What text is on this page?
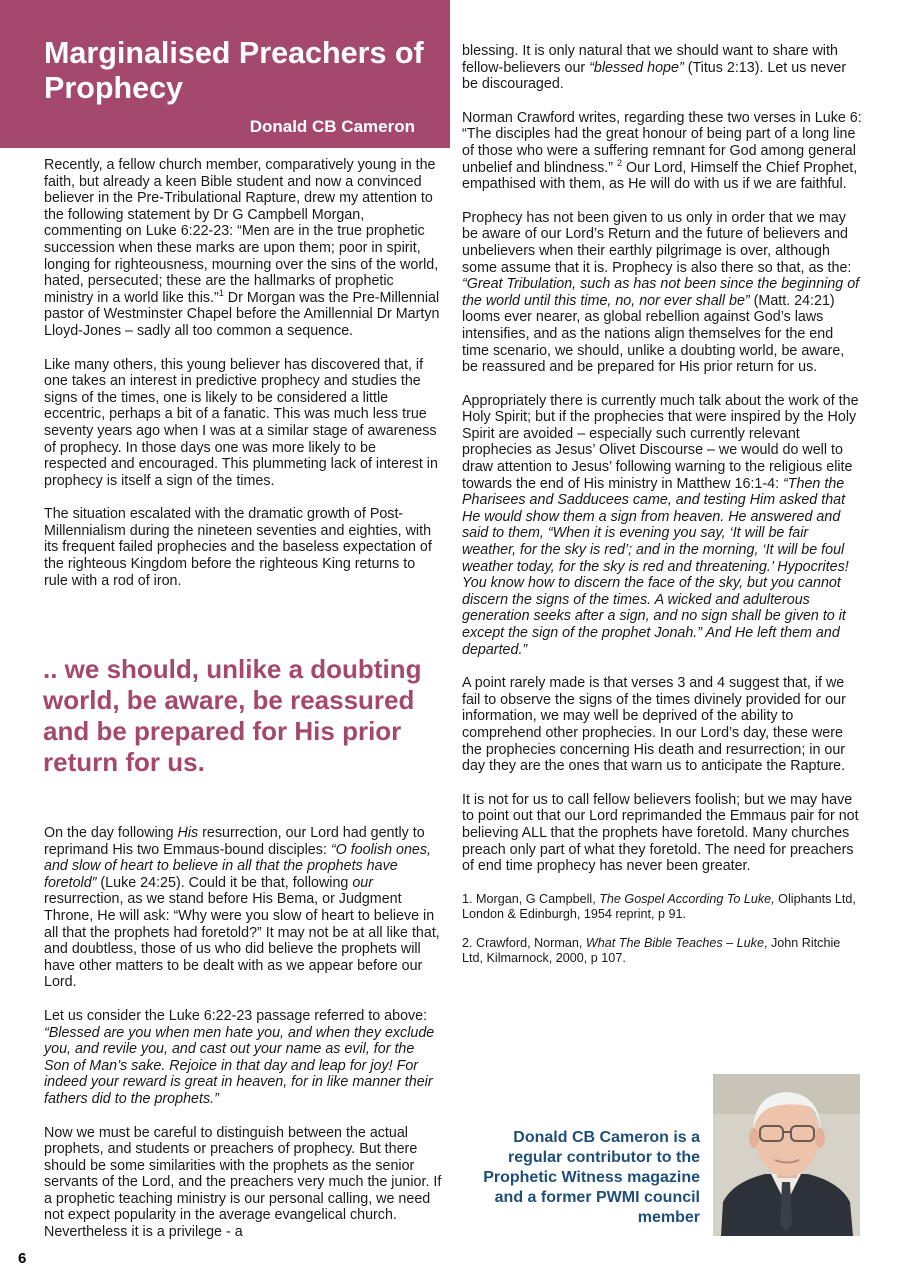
Marginalised Preachers of Prophecy
Donald CB Cameron

Recently, a fellow church member, comparatively young in the faith, but already a keen Bible student and now a convinced believer in the Pre-Tribulational Rapture, drew my attention to the following statement by Dr G Campbell Morgan, commenting on Luke 6:22-23: “Men are in the true prophetic succession when these marks are upon them; poor in spirit, longing for righteousness, mourning over the sins of the world, hated, persecuted; these are the hallmarks of prophetic ministry in a world like this.”$^1$ Dr Morgan was the Pre-Millennial pastor of Westminster Chapel before the Amillennial Dr Martyn Lloyd-Jones – sadly all too common a sequence.

Like many others, this young believer has discovered that, if one takes an interest in predictive prophecy and studies the signs of the times, one is likely to be considered a little eccentric, perhaps a bit of a fanatic. This was much less true seventy years ago when I was at a similar stage of awareness of prophecy. In those days one was more likely to be respected and encouraged. This plummeting lack of interest in prophecy is itself a sign of the times.

The situation escalated with the dramatic growth of Post-Millennialism during the nineteen seventies and eighties, with its frequent failed prophecies and the baseless expectation of the righteous Kingdom before the righteous King returns to rule with a rod of iron.

.. we should, unlike a doubting world, be aware, be reassured and be prepared for His prior return for us.

On the day following His resurrection, our Lord had gently to reprimand His two Emmaus-bound disciples: “O foolish ones, and slow of heart to believe in all that the prophets have foretold” (Luke 24:25). Could it be that, following our resurrection, as we stand before His Bema, or Judgment Throne, He will ask: “Why were you slow of heart to believe in all that the prophets had foretold?” It may not be at all like that, and doubtless, those of us who did believe the prophets will have other matters to be dealt with as we appear before our Lord.

Let us consider the Luke 6:22-23 passage referred to above: “Blessed are you when men hate you, and when they exclude you, and revile you, and cast out your name as evil, for the Son of Man’s sake. Rejoice in that day and leap for joy! For indeed your reward is great in heaven, for in like manner their fathers did to the prophets.”

Now we must be careful to distinguish between the actual prophets, and students or preachers of prophecy. But there should be some similarities with the prophets as the senior servants of the Lord, and the preachers very much the junior. If a prophetic teaching ministry is our personal calling, we need not expect popularity in the average evangelical church. Nevertheless it is a privilege - a

blessing. It is only natural that we should want to share with fellow-believers our “blessed hope” (Titus 2:13). Let us never be discouraged.

Norman Crawford writes, regarding these two verses in Luke 6: “The disciples had the great honour of being part of a long line of those who were a suffering remnant for God among general unbelief and blindness.” $^2$ Our Lord, Himself the Chief Prophet, empathised with them, as He will do with us if we are faithful.

Prophecy has not been given to us only in order that we may be aware of our Lord’s Return and the future of believers and unbelievers when their earthly pilgrimage is over, although some assume that it is. Prophecy is also there so that, as the: “Great Tribulation, such as has not been since the beginning of the world until this time, no, nor ever shall be” (Matt. 24:21) looms ever nearer, as global rebellion against God’s laws intensifies, and as the nations align themselves for the end time scenario, we should, unlike a doubting world, be aware, be reassured and be prepared for His prior return for us.

Appropriately there is currently much talk about the work of the Holy Spirit; but if the prophecies that were inspired by the Holy Spirit are avoided – especially such currently relevant prophecies as Jesus’ Olivet Discourse – we would do well to draw attention to Jesus’ following warning to the religious elite towards the end of His ministry in Matthew 16:1-4: “Then the Pharisees and Sadducees came, and testing Him asked that He would show them a sign from heaven. He answered and said to them, “When it is evening you say, ‘It will be fair weather, for the sky is red’; and in the morning, ‘It will be foul weather today, for the sky is red and threatening.’ Hypocrites! You know how to discern the face of the sky, but you cannot discern the signs of the times. A wicked and adulterous generation seeks after a sign, and no sign shall be given to it except the sign of the prophet Jonah.” And He left them and departed.”

A point rarely made is that verses 3 and 4 suggest that, if we fail to observe the signs of the times divinely provided for our information, we may well be deprived of the ability to comprehend other prophecies. In our Lord’s day, these were the prophecies concerning His death and resurrection; in our day they are the ones that warn us to anticipate the Rapture.

It is not for us to call fellow believers foolish; but we may have to point out that our Lord reprimanded the Emmaus pair for not believing ALL that the prophets have foretold. Many churches preach only part of what they foretold. The need for preachers of end time prophecy has never been greater.

1. Morgan, G Campbell, The Gospel According To Luke, Oliphants Ltd, London & Edinburgh, 1954 reprint, p 91.

2. Crawford, Norman, What The Bible Teaches – Luke, John Ritchie Ltd, Kilmarnock, 2000, p 107.

Donald CB Cameron is a regular contributor to the Prophetic Witness magazine and a former PWMI council member
6
